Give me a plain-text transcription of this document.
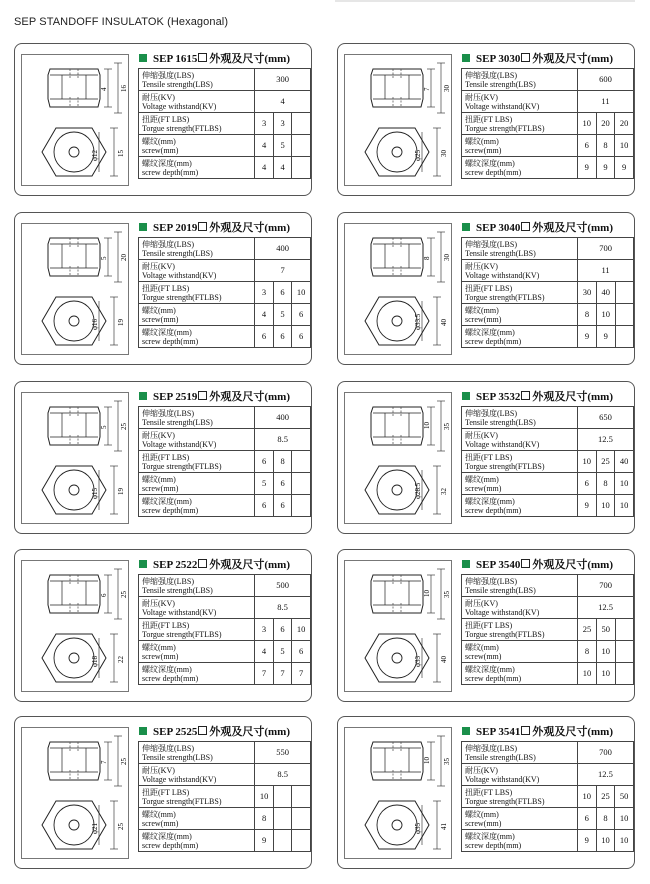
SEP STANDOFF INSULATOK (Hexagonal)
4 16
φ12	15
SEP 1615 外观及尺寸(mm)
伸缩强度(LBS)
Tensile strength(LBS)	300		
耐压(KV)
Voltage withstand(KV)	4		
扭距(FT LBS)
Torgue strength(FTLBS)	3	3	
螺纹(mm)
screw(mm)	4	5	
螺纹深度(mm)
screw depth(mm)	4	4	
7 30
φ25	30
SEP 3030 外观及尺寸(mm)
伸缩强度(LBS)
Tensile strength(LBS)	600		
耐压(KV)
Voltage withstand(KV)	11		
扭距(FT LBS)
Torgue strength(FTLBS)	10	20	20
螺纹(mm)
screw(mm)	6	8	10
螺纹深度(mm)
screw depth(mm)	9	9	9
5 20
φ16	19
SEP 2019 外观及尺寸(mm)
伸缩强度(LBS)
Tensile strength(LBS)	400		
耐压(KV)
Voltage withstand(KV)	7		
扭距(FT LBS)
Torgue strength(FTLBS)	3	6	10
螺纹(mm)
screw(mm)	4	5	6
螺纹深度(mm)
screw depth(mm)	6	6	6
8 30
φ33.5	40
SEP 3040 外观及尺寸(mm)
伸缩强度(LBS)
Tensile strength(LBS)	700		
耐压(KV)
Voltage withstand(KV)	11		
扭距(FT LBS)
Torgue strength(FTLBS)	30	40	
螺纹(mm)
screw(mm)	8	10	
螺纹深度(mm)
screw depth(mm)	9	9	
5 25
φ15	19
SEP 2519 外观及尺寸(mm)
伸缩强度(LBS)
Tensile strength(LBS)	400		
耐压(KV)
Voltage withstand(KV)	8.5		
扭距(FT LBS)
Torgue strength(FTLBS)	6	8	
螺纹(mm)
screw(mm)	5	6	
螺纹深度(mm)
screw depth(mm)	6	6	
10 35
φ28.5	32
SEP 3532 外观及尺寸(mm)
伸缩强度(LBS)
Tensile strength(LBS)	650		
耐压(KV)
Voltage withstand(KV)	12.5		
扭距(FT LBS)
Torgue strength(FTLBS)	10	25	40
螺纹(mm)
screw(mm)	6	8	10
螺纹深度(mm)
screw depth(mm)	9	10	10
6 25
φ18	22
SEP 2522 外观及尺寸(mm)
伸缩强度(LBS)
Tensile strength(LBS)	500		
耐压(KV)
Voltage withstand(KV)	8.5		
扭距(FT LBS)
Torgue strength(FTLBS)	3	6	10
螺纹(mm)
screw(mm)	4	5	6
螺纹深度(mm)
screw depth(mm)	7	7	7
10 35
φ33	40
SEP 3540 外观及尺寸(mm)
伸缩强度(LBS)
Tensile strength(LBS)	700		
耐压(KV)
Voltage withstand(KV)	12.5		
扭距(FT LBS)
Torgue strength(FTLBS)	25	50	
螺纹(mm)
screw(mm)	8	10	
螺纹深度(mm)
screw depth(mm)	10	10	
7 25
φ21	25
SEP 2525 外观及尺寸(mm)
伸缩强度(LBS)
Tensile strength(LBS)	550		
耐压(KV)
Voltage withstand(KV)	8.5		
扭距(FT LBS)
Torgue strength(FTLBS)	10		
螺纹(mm)
screw(mm)	8		
螺纹深度(mm)
screw depth(mm)	9		
10 35
φ35	41
SEP 3541 外观及尺寸(mm)
伸缩强度(LBS)
Tensile strength(LBS)	700		
耐压(KV)
Voltage withstand(KV)	12.5		
扭距(FT LBS)
Torgue strength(FTLBS)	10	25	50
螺纹(mm)
screw(mm)	6	8	10
螺纹深度(mm)
screw depth(mm)	9	10	10
